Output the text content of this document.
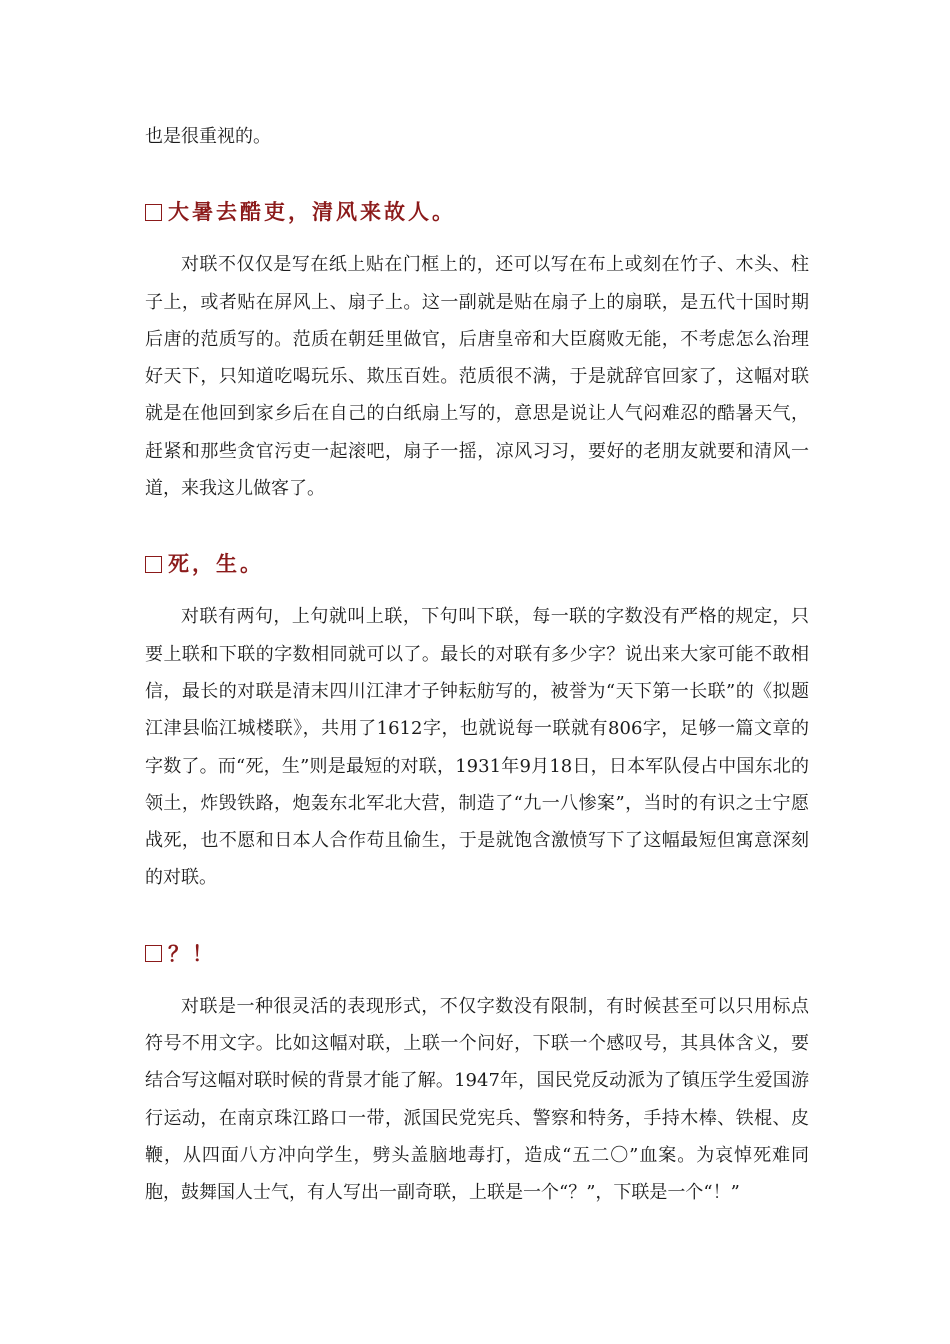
也是很重视的。

大暑去酷吏，清风来故人。

对联不仅仅是写在纸上贴在门框上的，还可以写在布上或刻在竹子、木头、柱子上，或者贴在屏风上、扇子上。这一副就是贴在扇子上的扇联，是五代十国时期后唐的范质写的。范质在朝廷里做官，后唐皇帝和大臣腐败无能，不考虑怎么治理好天下，只知道吃喝玩乐、欺压百姓。范质很不满，于是就辞官回家了，这幅对联就是在他回到家乡后在自己的白纸扇上写的，意思是说让人气闷难忍的酷暑天气，赶紧和那些贪官污吏一起滚吧，扇子一摇，凉风习习，要好的老朋友就要和清风一道，来我这儿做客了。

死，生。

对联有两句，上句就叫上联，下句叫下联，每一联的字数没有严格的规定，只要上联和下联的字数相同就可以了。最长的对联有多少字？说出来大家可能不敢相信，最长的对联是清末四川江津才子钟耘舫写的，被誉为“天下第一长联”的《拟题江津县临江城楼联》，共用了1612字，也就说每一联就有806字，足够一篇文章的字数了。而“死，生”则是最短的对联，1931年9月18日，日本军队侵占中国东北的领土，炸毁铁路，炮轰东北军北大营，制造了“九一八惨案”，当时的有识之士宁愿战死，也不愿和日本人合作苟且偷生，于是就饱含激愤写下了这幅最短但寓意深刻的对联。

？！

对联是一种很灵活的表现形式，不仅字数没有限制，有时候甚至可以只用标点符号不用文字。比如这幅对联，上联一个问好，下联一个感叹号，其具体含义，要结合写这幅对联时候的背景才能了解。1947年，国民党反动派为了镇压学生爱国游行运动，在南京珠江路口一带，派国民党宪兵、警察和特务，手持木棒、铁棍、皮鞭，从四面八方冲向学生，劈头盖脑地毒打，造成“五二〇”血案。为哀悼死难同胞，鼓舞国人士气，有人写出一副奇联，上联是一个“？”，下联是一个“！”
